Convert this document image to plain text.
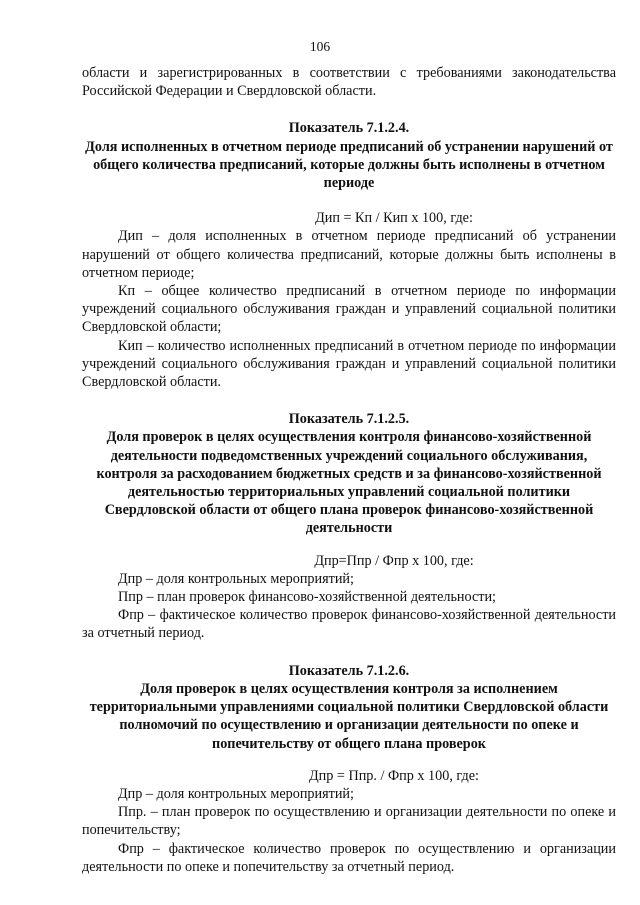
106

области и зарегистрированных в соответствии с требованиями законодательства Российской Федерации и Свердловской области.

Показатель 7.1.2.4.

Доля исполненных в отчетном периоде предписаний об устранении нарушений от общего количества предписаний, которые должны быть исполнены в отчетном периоде

Дип = Кп / Кип х 100, где:

Дип – доля исполненных в отчетном периоде предписаний об устранении нарушений от общего количества предписаний, которые должны быть исполнены в отчетном периоде;

Кп – общее количество предписаний в отчетном периоде по информации учреждений социального обслуживания граждан и управлений социальной политики Свердловской области;

Кип – количество исполненных предписаний в отчетном периоде по информации учреждений социального обслуживания граждан и управлений социальной политики Свердловской области.

Показатель 7.1.2.5.

Доля проверок в целях осуществления контроля финансово-хозяйственной деятельности подведомственных учреждений социального обслуживания, контроля за расходованием бюджетных средств и за финансово-хозяйственной деятельностью территориальных управлений социальной политики Свердловской области от общего плана проверок финансово-хозяйственной деятельности

Дпр=Ппр / Фпр х 100, где:

Дпр – доля контрольных мероприятий;

Ппр – план проверок финансово-хозяйственной деятельности;

Фпр – фактическое количество проверок финансово-хозяйственной деятельности за отчетный период.

Показатель 7.1.2.6.

Доля проверок в целях осуществления контроля за исполнением территориальными управлениями социальной политики Свердловской области полномочий по осуществлению и организации деятельности по опеке и попечительству от общего плана проверок

Дпр = Ппр. / Фпр х 100, где:

Дпр – доля контрольных мероприятий;

Ппр. – план проверок по осуществлению и организации деятельности по опеке и попечительству;

Фпр – фактическое количество проверок по осуществлению и организации деятельности по опеке и попечительству за отчетный период.
